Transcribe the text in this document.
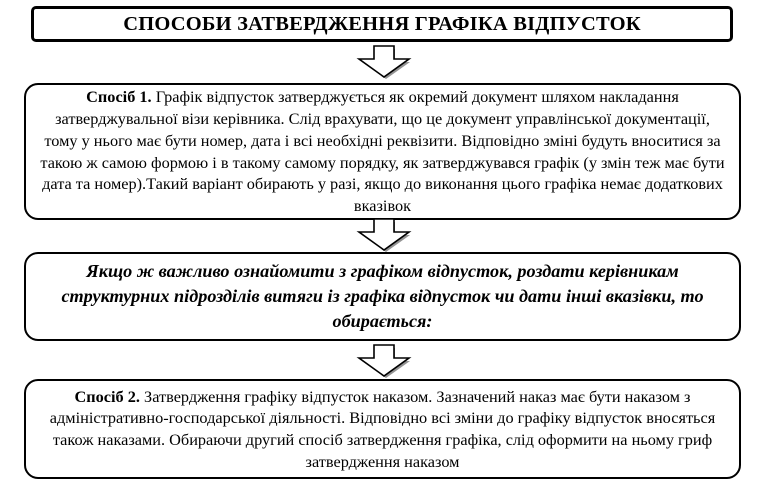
СПОСОБИ ЗАТВЕРДЖЕННЯ ГРАФІКА ВІДПУСТОК
Спосіб 1. Графік відпусток затверджується як окремий документ шляхом накладання затверджувальної візи керівника. Слід врахувати, що це документ управлінської документації, тому у нього має бути номер, дата і всі необхідні реквізити. Відповідно зміні будуть вноситися за такою ж самою формою і в такому самому порядку, як затверджувався графік (у змін теж має бути дата та номер).Такий варіант обирають у разі, якщо до виконання цього графіка немає додаткових вказівок
Якщо ж важливо ознайомити з графіком відпусток, роздати керівникам структурних підрозділів витяги із графіка відпусток чи дати інші вказівки, то обирається:
Спосіб 2. Затвердження графіку відпусток наказом. Зазначений наказ має бути наказом з адміністративно-господарської діяльності. Відповідно всі зміни до графіку відпусток вносяться також наказами. Обираючи другий спосіб затвердження графіка, слід оформити на ньому гриф затвердження наказом
